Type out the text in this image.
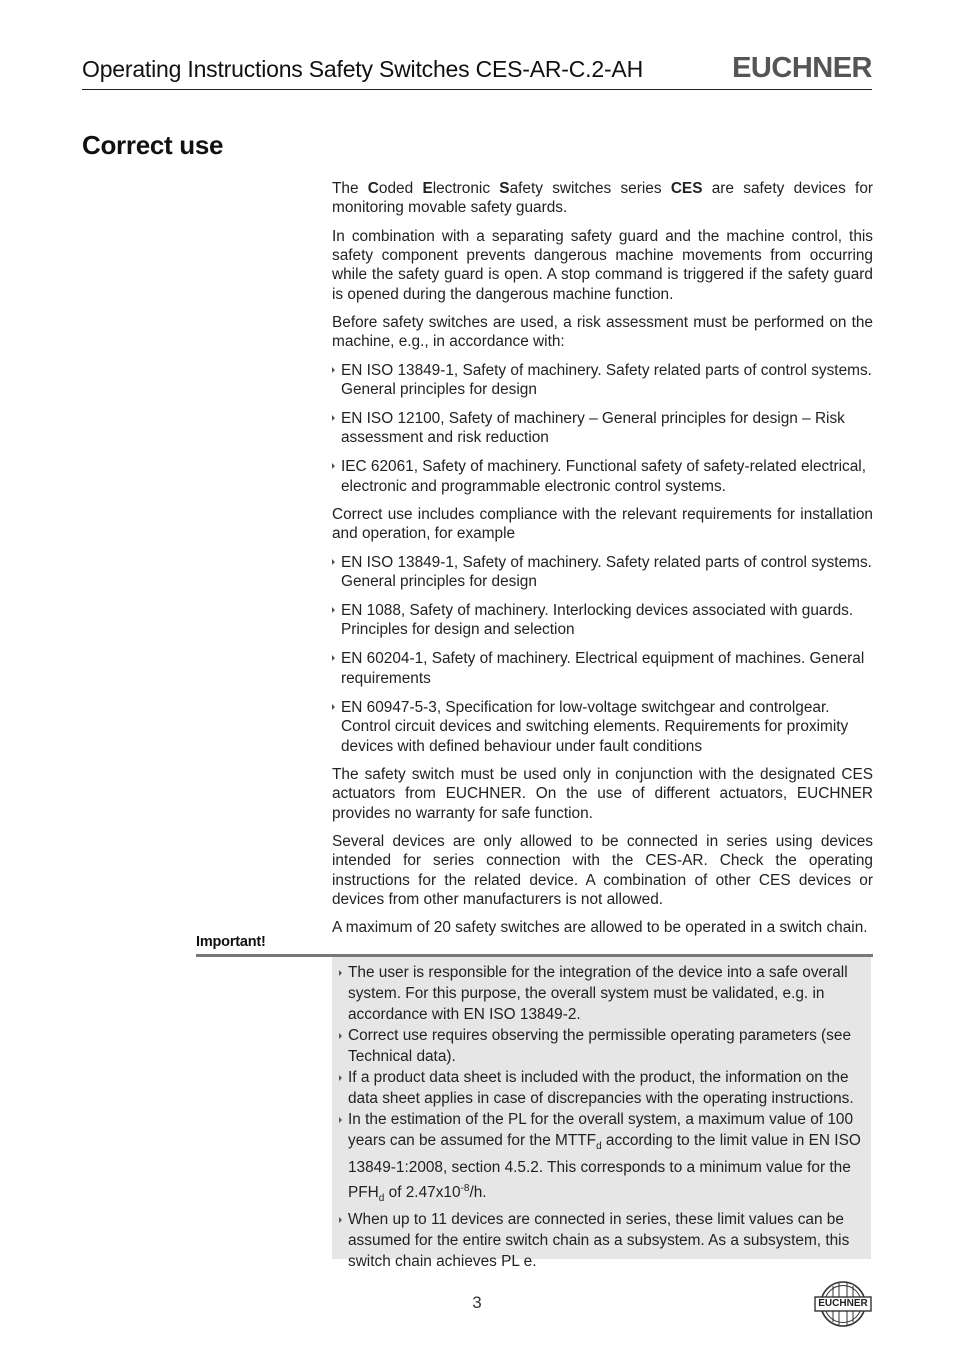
Operating Instructions Safety Switches CES-AR-C.2-AH	EUCHNER
Correct use

The Coded Electronic Safety switches series CES are safety devices for monitoring movable safety guards.

In combination with a separating safety guard and the machine control, this safety component prevents dangerous machine movements from occurring while the safety guard is open. A stop command is triggered if the safety guard is opened during the dangerous machine function.

Before safety switches are used, a risk assessment must be performed on the machine, e.g., in accordance with:

EN ISO 13849-1, Safety of machinery. Safety related parts of control systems. General principles for design
EN ISO 12100, Safety of machinery – General principles for design – Risk assessment and risk reduction
IEC 62061, Safety of machinery. Functional safety of safety-related electrical, electronic and programmable electronic control systems.

Correct use includes compliance with the relevant requirements for installation and operation, for example

EN ISO 13849-1, Safety of machinery. Safety related parts of control systems. General principles for design
EN 1088, Safety of machinery. Interlocking devices associated with guards. Principles for design and selection
EN 60204-1, Safety of machinery. Electrical equipment of machines. General requirements
EN 60947-5-3, Specification for low-voltage switchgear and controlgear. Control circuit devices and switching elements. Requirements for proximity devices with defined behaviour under fault conditions

The safety switch must be used only in conjunction with the designated CES actuators from EUCHNER. On the use of different actuators, EUCHNER provides no warranty for safe function.

Several devices are only allowed to be connected in series using devices intended for series connection with the CES-AR. Check the operating instructions for the related device. A combination of other CES devices or devices from other manufacturers is not allowed.

A maximum of 20 safety switches are allowed to be operated in a switch chain.

Important!
The user is responsible for the integration of the device into a safe overall system. For this purpose, the overall system must be validated, e.g. in accordance with EN ISO 13849-2.
Correct use requires observing the permissible operating parameters (see Technical data).
If a product data sheet is included with the product, the information on the data sheet applies in case of discrepancies with the operating instructions.
In the estimation of the PL for the overall system, a maximum value of 100 years can be assumed for the $MTTF_d$ according to the limit value in EN ISO 13849-1:2008, section 4.5.2. This corresponds to a minimum value for the $PFH_d$ of $2.47x10^{-8}/h$.
When up to 11 devices are connected in series, these limit values can be assumed for the entire switch chain as a subsystem. As a subsystem, this switch chain achieves PL e.
3	EUCHNER
